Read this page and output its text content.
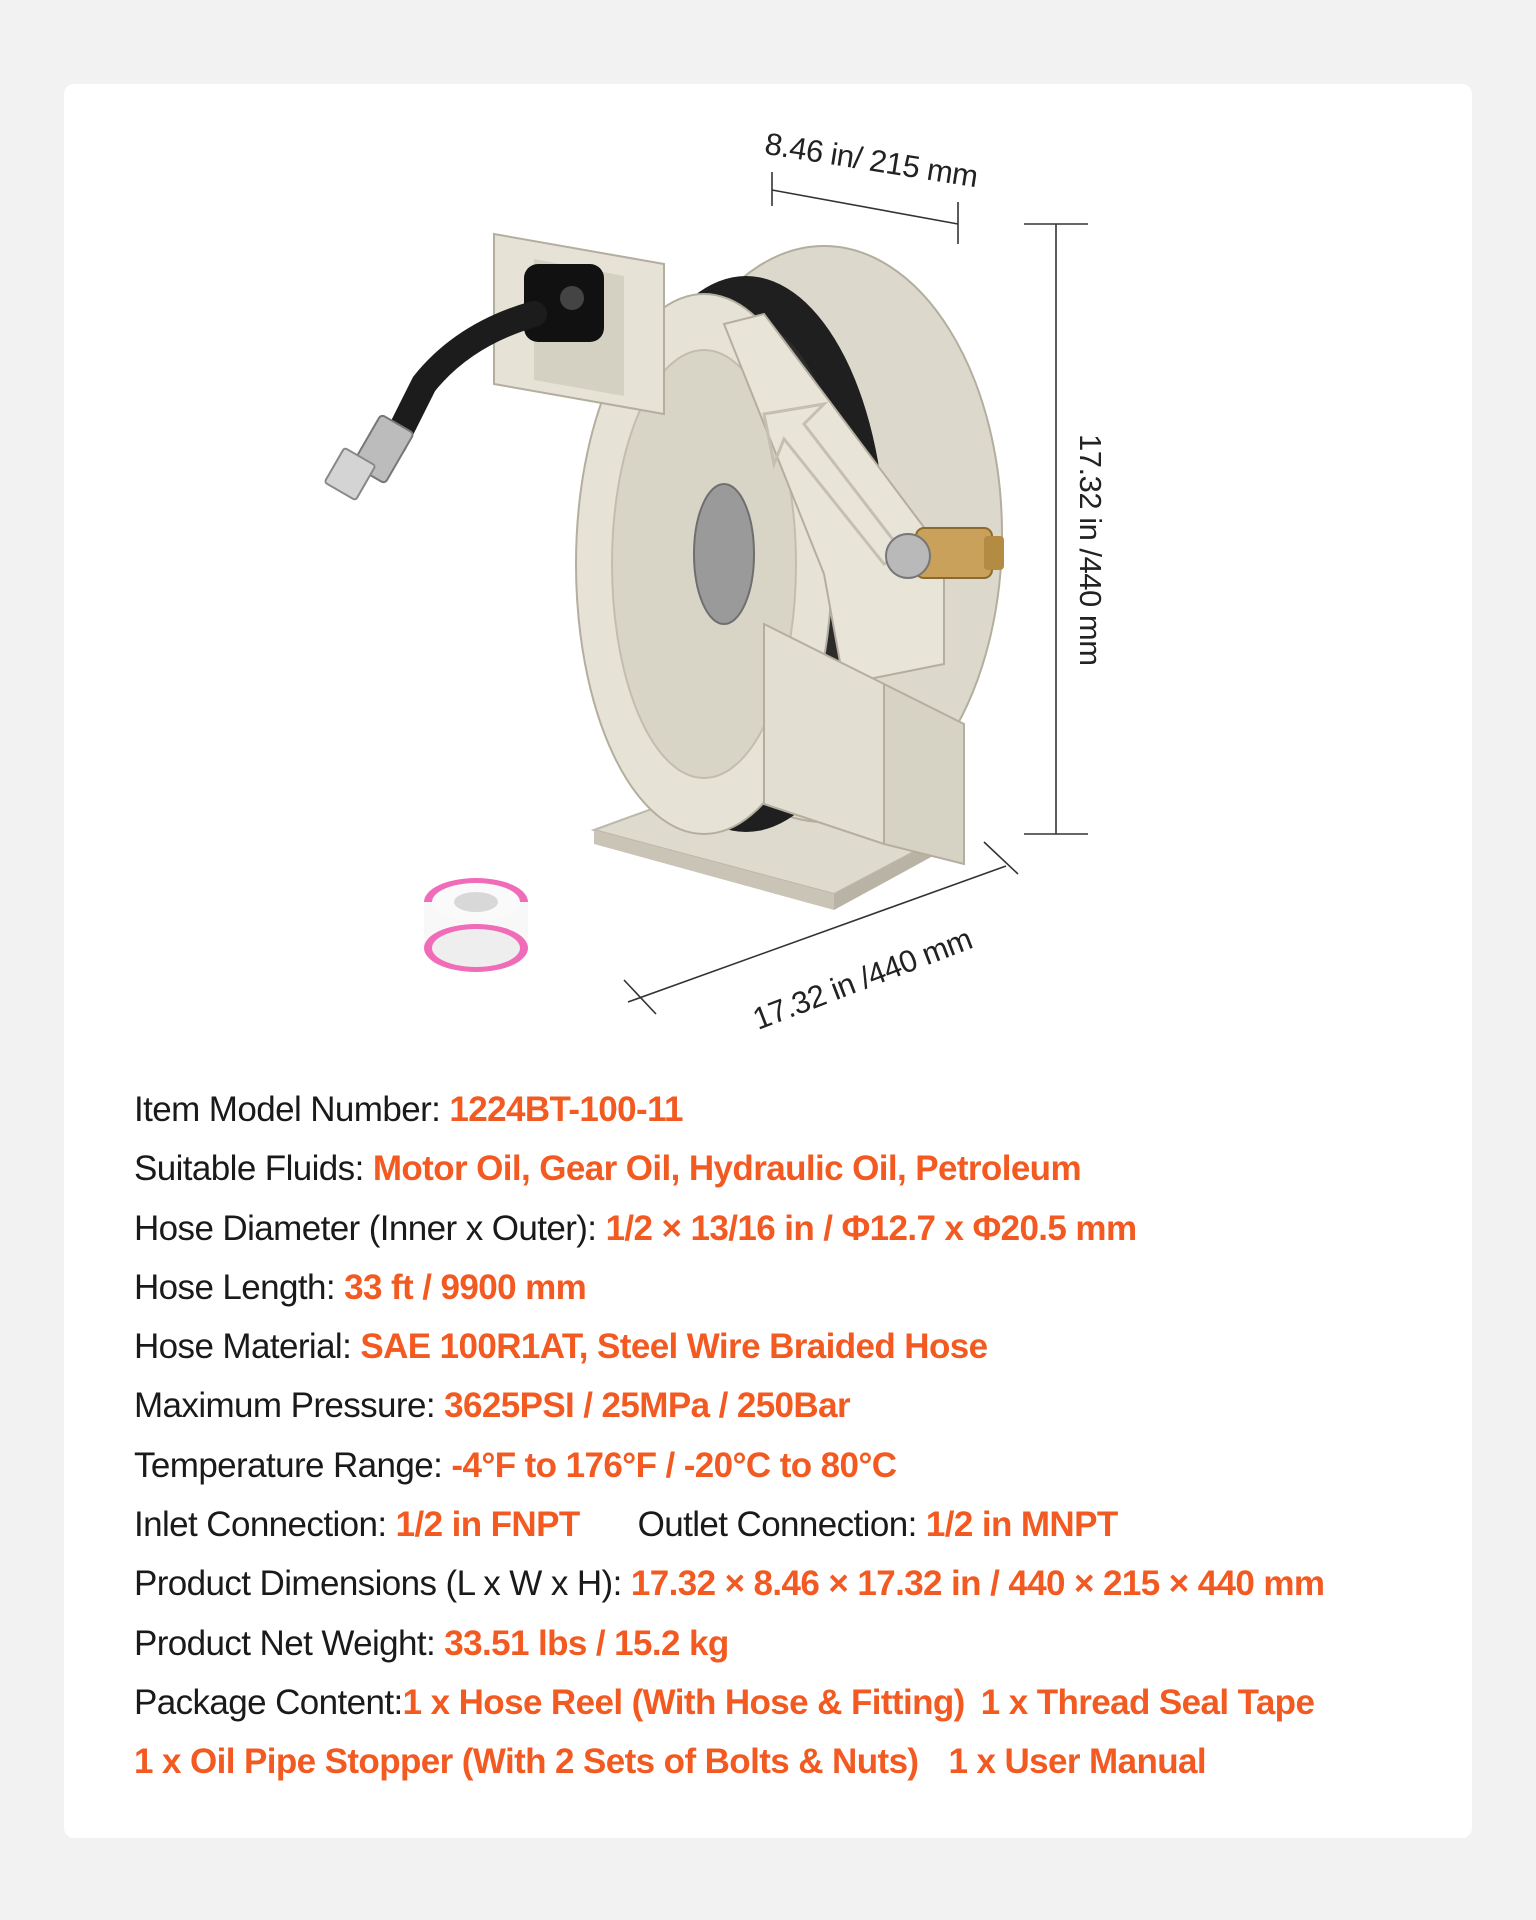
8.46 in/ 215 mm
17.32 in /440 mm
17.32 in /440 mm
Item Model Number: 1224BT-100-11
Suitable Fluids: Motor Oil, Gear Oil, Hydraulic Oil, Petroleum
Hose Diameter (Inner x Outer): 1/2 × 13/16 in / Φ12.7 x Φ20.5 mm
Hose Length: 33 ft / 9900 mm
Hose Material: SAE 100R1AT, Steel Wire Braided Hose
Maximum Pressure: 3625PSI / 25MPa / 250Bar
Temperature Range: -4°F to 176°F / -20°C to 80°C
Inlet Connection: 1/2 in FNPT Outlet Connection: 1/2 in MNPT
Product Dimensions (L x W x H): 17.32 × 8.46 × 17.32 in / 440 × 215 × 440 mm
Product Net Weight: 33.51 lbs / 15.2 kg
Package Content:1 x Hose Reel (With Hose & Fitting) 1 x Thread Seal Tape
1 x Oil Pipe Stopper (With 2 Sets of Bolts & Nuts) 1 x User Manual
